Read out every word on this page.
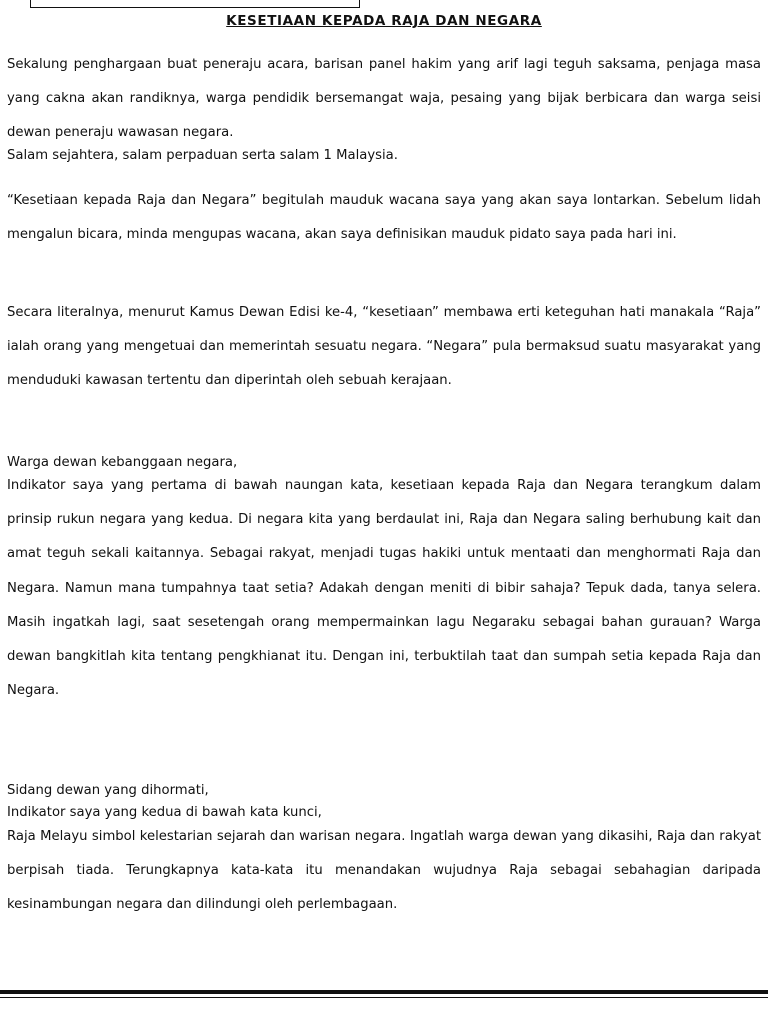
KESETIAAN KEPADA RAJA DAN NEGARA

Sekalung penghargaan buat peneraju acara, barisan panel hakim yang arif lagi teguh saksama, penjaga masa yang cakna akan randiknya, warga pendidik bersemangat waja, pesaing yang bijak berbicara dan warga seisi dewan peneraju wawasan negara.

Salam sejahtera, salam perpaduan serta salam 1 Malaysia.

“Kesetiaan kepada Raja dan Negara” begitulah mauduk wacana saya yang akan saya lontarkan. Sebelum lidah mengalun bicara, minda mengupas wacana, akan saya definisikan mauduk pidato saya pada hari ini.

Secara literalnya, menurut Kamus Dewan Edisi ke-4, “kesetiaan” membawa erti keteguhan hati manakala “Raja” ialah orang yang mengetuai dan memerintah sesuatu negara. “Negara” pula bermaksud suatu masyarakat yang menduduki kawasan tertentu dan diperintah oleh sebuah kerajaan.

Warga dewan kebanggaan negara,

Indikator saya yang pertama di bawah naungan kata, kesetiaan kepada Raja dan Negara terangkum dalam prinsip rukun negara yang kedua. Di negara kita yang berdaulat ini, Raja dan Negara saling berhubung kait dan amat teguh sekali kaitannya. Sebagai rakyat, menjadi tugas hakiki untuk mentaati dan menghormati Raja dan Negara. Namun mana tumpahnya taat setia? Adakah dengan meniti di bibir sahaja? Tepuk dada, tanya selera. Masih ingatkah lagi, saat sesetengah orang mempermainkan lagu Negaraku sebagai bahan gurauan? Warga dewan bangkitlah kita tentang pengkhianat itu. Dengan ini, terbuktilah taat dan sumpah setia kepada Raja dan Negara.

Sidang dewan yang dihormati,

Indikator saya yang kedua di bawah kata kunci,

Raja Melayu simbol kelestarian sejarah dan warisan negara. Ingatlah warga dewan yang dikasihi, Raja dan rakyat berpisah tiada. Terungkapnya kata-kata itu menandakan wujudnya Raja sebagai sebahagian daripada kesinambungan negara dan dilindungi oleh perlembagaan.
